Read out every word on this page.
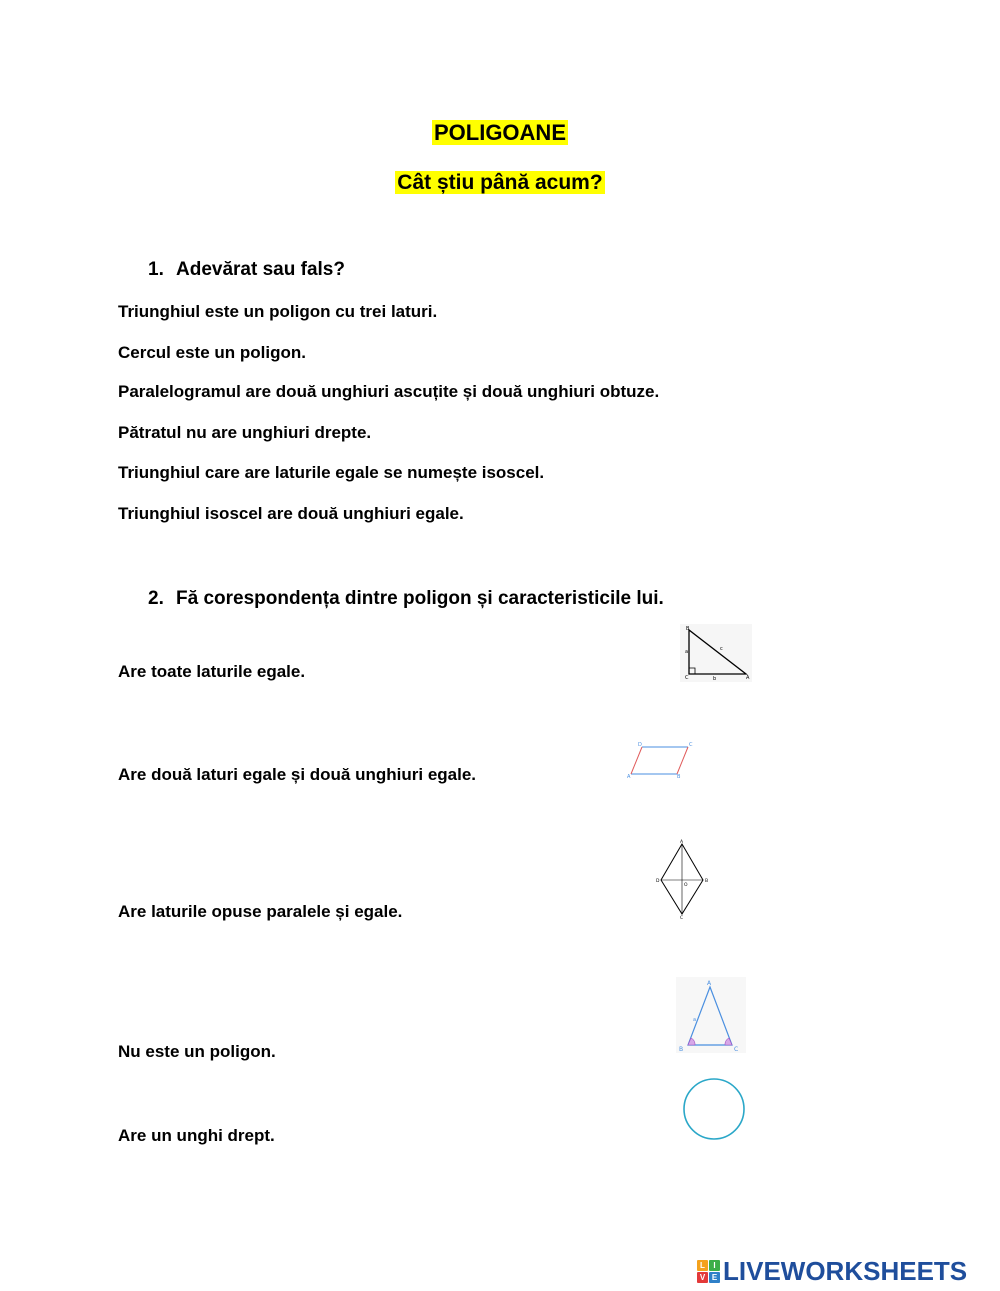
POLIGOANE
Cât știu până acum?
1. Adevărat sau fals?
Triunghiul este un poligon cu trei laturi.
Cercul este un poligon.
Paralelogramul are două unghiuri ascuțite și două unghiuri obtuze.
Pătratul nu are unghiuri drepte.
Triunghiul care are laturile egale se numește isoscel.
Triunghiul isoscel are două unghiuri egale.
2. Fă corespondența dintre poligon și caracteristicile lui.
Are toate laturile egale.
Are două laturi egale și două unghiuri egale.
Are laturile opuse paralele și egale.
Nu este un poligon.
Are un unghi drept.
B
a	c
C	b	A
D	C
A	B
A
B
D
C
O
A
a
B	C
L	I
V E LIVEWORKSHEETS
